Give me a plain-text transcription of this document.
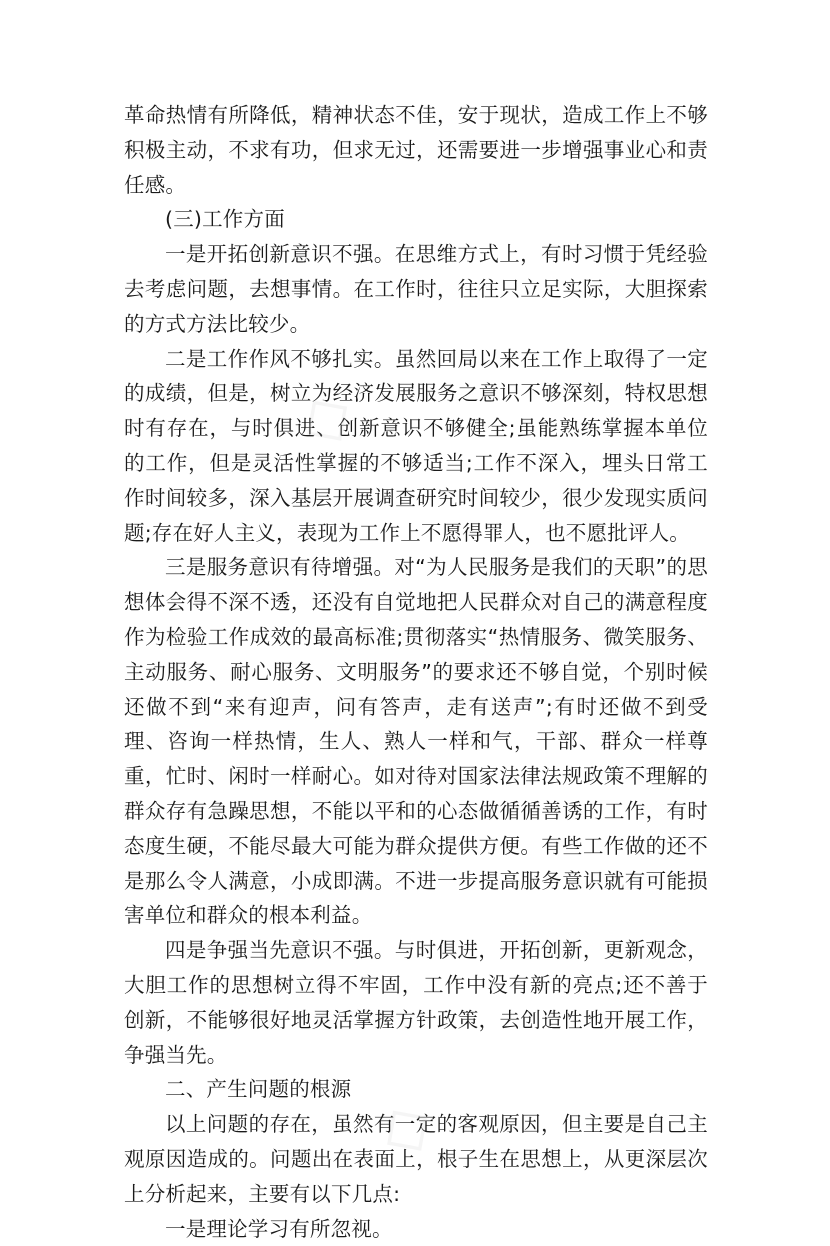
革命热情有所降低，精神状态不佳，安于现状，造成工作上不够积极主动，不求有功，但求无过，还需要进一步增强事业心和责任感。

(三)工作方面

一是开拓创新意识不强。在思维方式上，有时习惯于凭经验去考虑问题，去想事情。在工作时，往往只立足实际，大胆探索的方式方法比较少。

二是工作作风不够扎实。虽然回局以来在工作上取得了一定的成绩，但是，树立为经济发展服务之意识不够深刻，特权思想时有存在，与时俱进、创新意识不够健全;虽能熟练掌握本单位的工作，但是灵活性掌握的不够适当;工作不深入，埋头日常工作时间较多，深入基层开展调查研究时间较少，很少发现实质问题;存在好人主义，表现为工作上不愿得罪人，也不愿批评人。

三是服务意识有待增强。对“为人民服务是我们的天职”的思想体会得不深不透，还没有自觉地把人民群众对自己的满意程度作为检验工作成效的最高标准;贯彻落实“热情服务、微笑服务、主动服务、耐心服务、文明服务”的要求还不够自觉，个别时候还做不到“来有迎声，问有答声，走有送声”;有时还做不到受理、咨询一样热情，生人、熟人一样和气，干部、群众一样尊重，忙时、闲时一样耐心。如对待对国家法律法规政策不理解的群众存有急躁思想，不能以平和的心态做循循善诱的工作，有时态度生硬，不能尽最大可能为群众提供方便。有些工作做的还不是那么令人满意，小成即满。不进一步提高服务意识就有可能损害单位和群众的根本利益。

四是争强当先意识不强。与时俱进，开拓创新，更新观念，大胆工作的思想树立得不牢固，工作中没有新的亮点;还不善于创新，不能够很好地灵活掌握方针政策，去创造性地开展工作，争强当先。

二、产生问题的根源

以上问题的存在，虽然有一定的客观原因，但主要是自己主观原因造成的。问题出在表面上，根子生在思想上，从更深层次上分析起来，主要有以下几点:

一是理论学习有所忽视。

◇
◇
